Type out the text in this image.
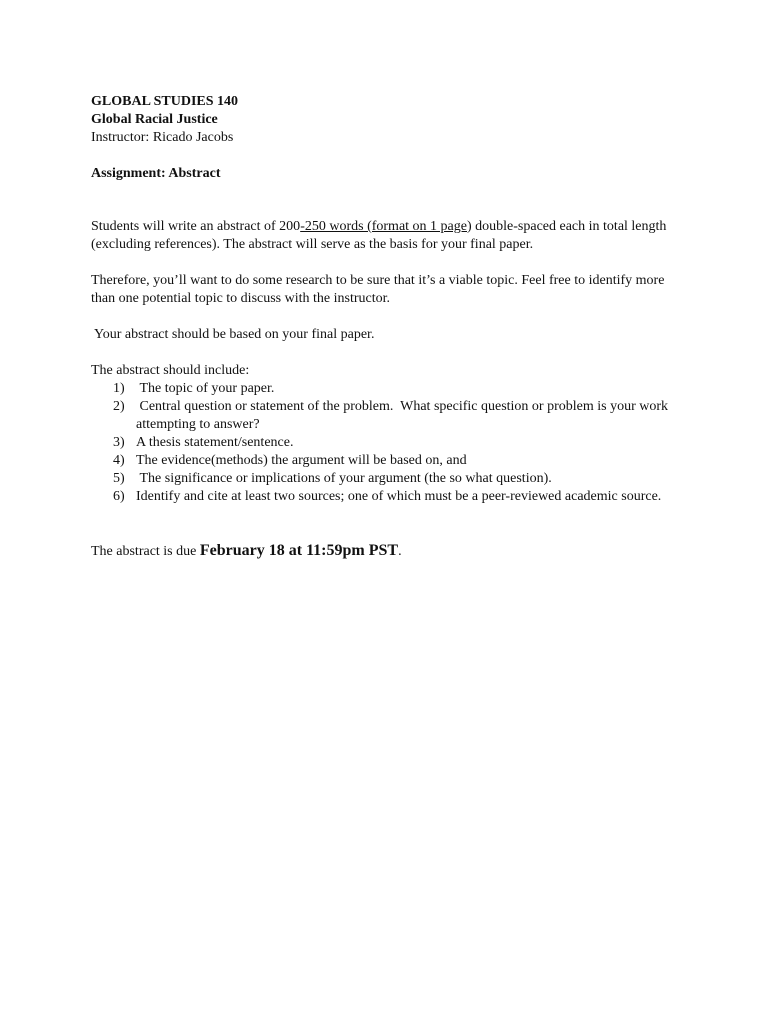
GLOBAL STUDIES 140

Global Racial Justice

Instructor: Ricado Jacobs

Assignment: Abstract

Students will write an abstract of 200-250 words (format on 1 page) double-spaced each in total length (excluding references). The abstract will serve as the basis for your final paper.

Therefore, you’ll want to do some research to be sure that it’s a viable topic. Feel free to identify more than one potential topic to discuss with the instructor.

Your abstract should be based on your final paper.

The abstract should include:

1) The topic of your paper.
2) Central question or statement of the problem.  What specific question or problem is your work attempting to answer?
3) A thesis statement/sentence.
4) The evidence(methods) the argument will be based on, and
5) The significance or implications of your argument (the so what question).
6) Identify and cite at least two sources; one of which must be a peer-reviewed academic source.

The abstract is due February 18 at 11:59pm PST.
